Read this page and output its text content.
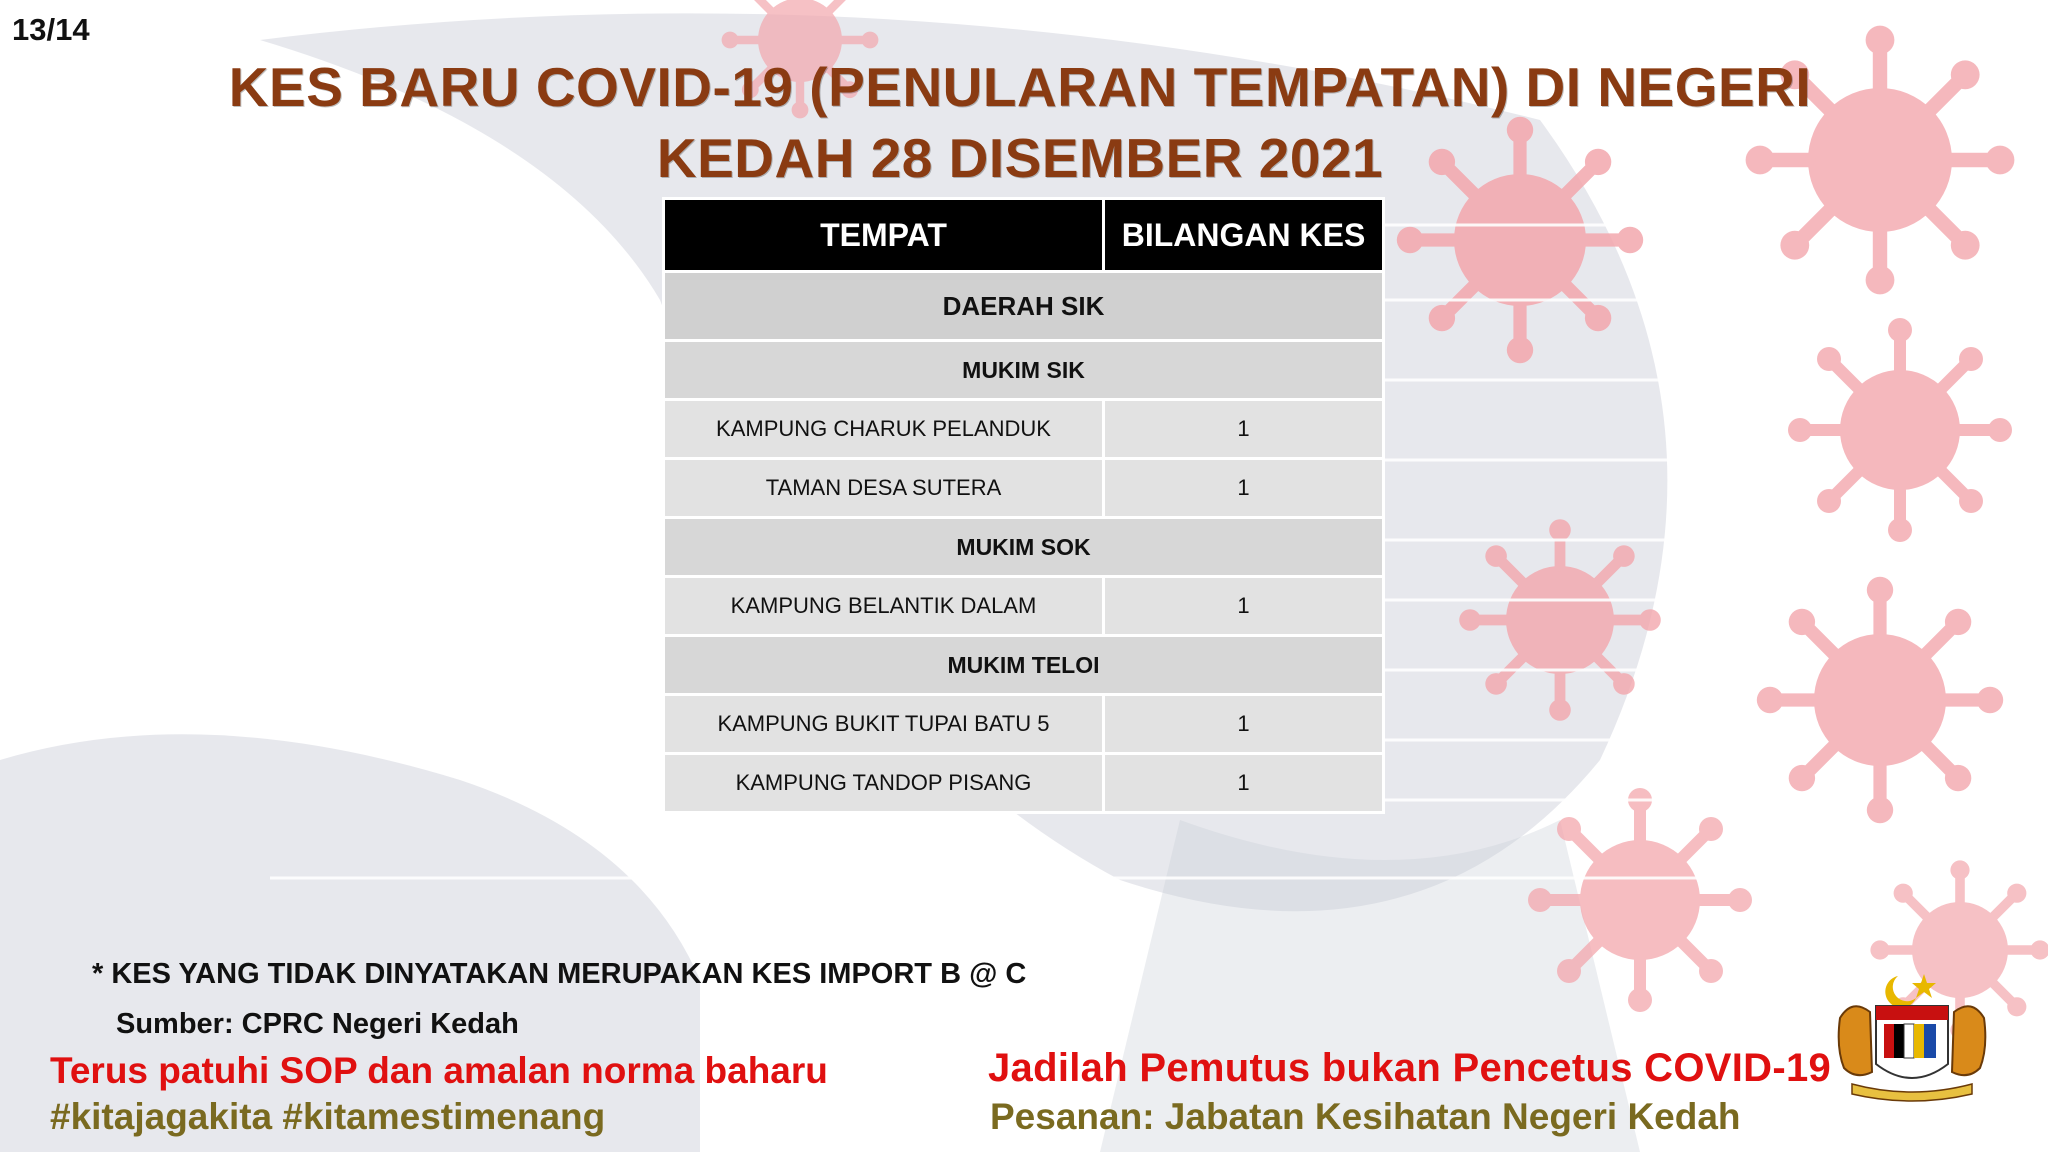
13/14
KES BARU COVID-19 (PENULARAN TEMPATAN) DI NEGERI
KEDAH 28 DISEMBER 2021
TEMPAT	BILANGAN KES
DAERAH SIK	
MUKIM SIK	
KAMPUNG CHARUK PELANDUK	1
TAMAN DESA SUTERA	1
MUKIM SOK	
KAMPUNG BELANTIK DALAM	1
MUKIM TELOI	
KAMPUNG BUKIT TUPAI BATU 5	1
KAMPUNG TANDOP PISANG	1
* KES YANG TIDAK DINYATAKAN MERUPAKAN KES IMPORT B @ C
Sumber: CPRC Negeri Kedah
Terus patuhi SOP dan amalan norma baharu
#kitajagakita #kitamestimenang
Jadilah Pemutus bukan Pencetus COVID-19
Pesanan: Jabatan Kesihatan Negeri Kedah
